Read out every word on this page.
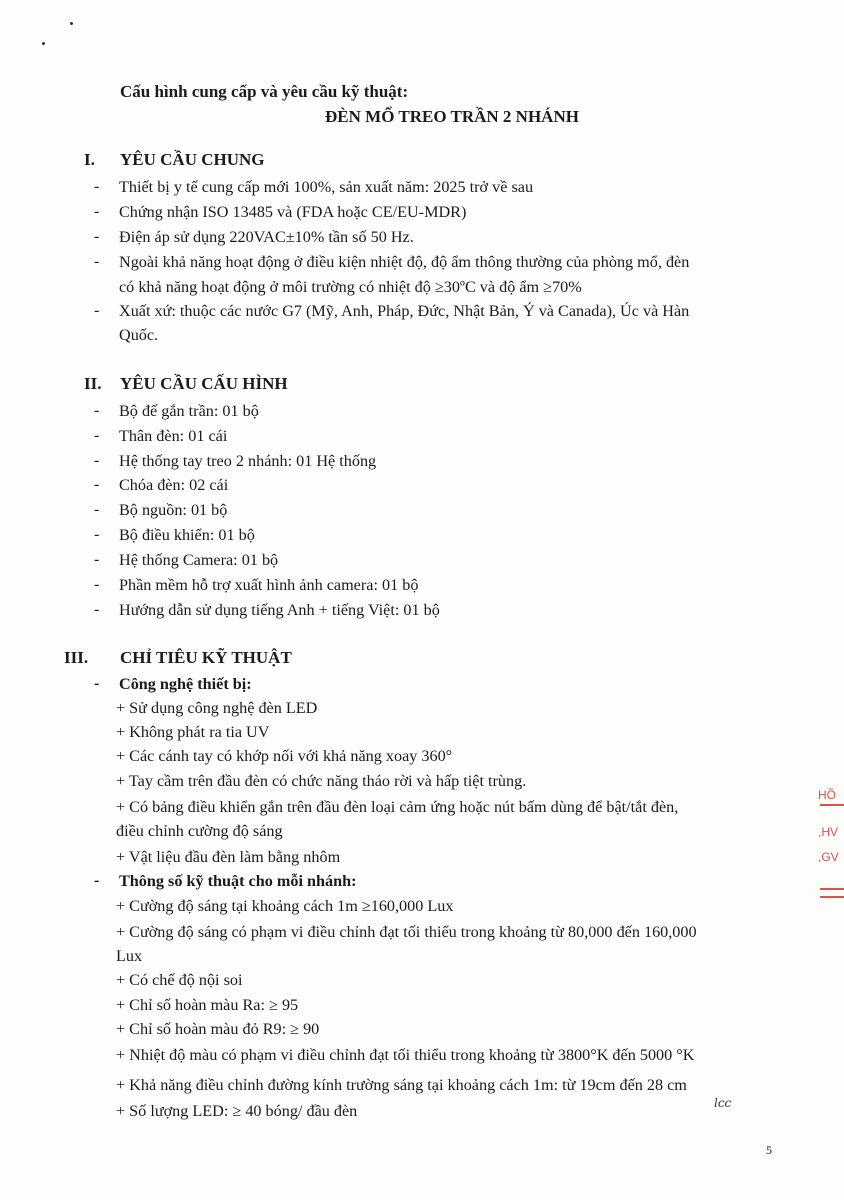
Cấu hình cung cấp và yêu cầu kỹ thuật:
ĐÈN MỔ TREO TRẦN 2 NHÁNH
I. YÊU CẦU CHUNG
- Thiết bị y tế cung cấp mới 100%, sản xuất năm: 2025 trở về sau
- Chứng nhận ISO 13485 và (FDA hoặc CE/EU-MDR)
- Điện áp sử dụng 220VAC±10% tần số 50 Hz.
- Ngoài khả năng hoạt động ở điều kiện nhiệt độ, độ ẩm thông thường của phòng mổ, đèn
có khả năng hoạt động ở môi trường có nhiệt độ ≥30ºC và độ ẩm ≥70%
- Xuất xứ: thuộc các nước G7 (Mỹ, Anh, Pháp, Đức, Nhật Bản, Ý và Canada), Úc và Hàn
Quốc.
II. YÊU CẦU CẤU HÌNH
- Bộ đế gắn trần: 01 bộ
- Thân đèn: 01 cái
- Hệ thống tay treo 2 nhánh: 01 Hệ thống
- Chóa đèn: 02 cái
- Bộ nguồn: 01 bộ
- Bộ điều khiển: 01 bộ
- Hệ thống Camera: 01 bộ
- Phần mềm hỗ trợ xuất hình ảnh camera: 01 bộ
- Hướng dẫn sử dụng tiếng Anh + tiếng Việt: 01 bộ
III. CHỈ TIÊU KỸ THUẬT
- Công nghệ thiết bị:
+ Sử dụng công nghệ đèn LED
+ Không phát ra tia UV
+ Các cánh tay có khớp nối với khả năng xoay 360°
+ Tay cầm trên đầu đèn có chức năng tháo rời và hấp tiệt trùng.
+ Có bảng điều khiển gắn trên đầu đèn loại cảm ứng hoặc nút bấm dùng để bật/tắt đèn,
điều chỉnh cường độ sáng
+ Vật liệu đầu đèn làm bằng nhôm
- Thông số kỹ thuật cho mỗi nhánh:
+ Cường độ sáng tại khoảng cách 1m ≥160,000 Lux
+ Cường độ sáng có phạm vi điều chỉnh đạt tối thiểu trong khoảng từ 80,000 đến 160,000
Lux
+ Có chế độ nội soi
+ Chỉ số hoàn màu Ra: ≥ 95
+ Chỉ số hoàn màu đỏ R9: ≥ 90
+ Nhiệt độ màu có phạm vi điều chỉnh đạt tối thiểu trong khoảng từ 3800°K đến 5000 °K
+ Khả năng điều chỉnh đường kính trường sáng tại khoảng cách 1m: từ 19cm đến 28 cm
+ Số lượng LED: ≥ 40 bóng/ đầu đèn
HỒ
,HV
,GV
lcc
5
